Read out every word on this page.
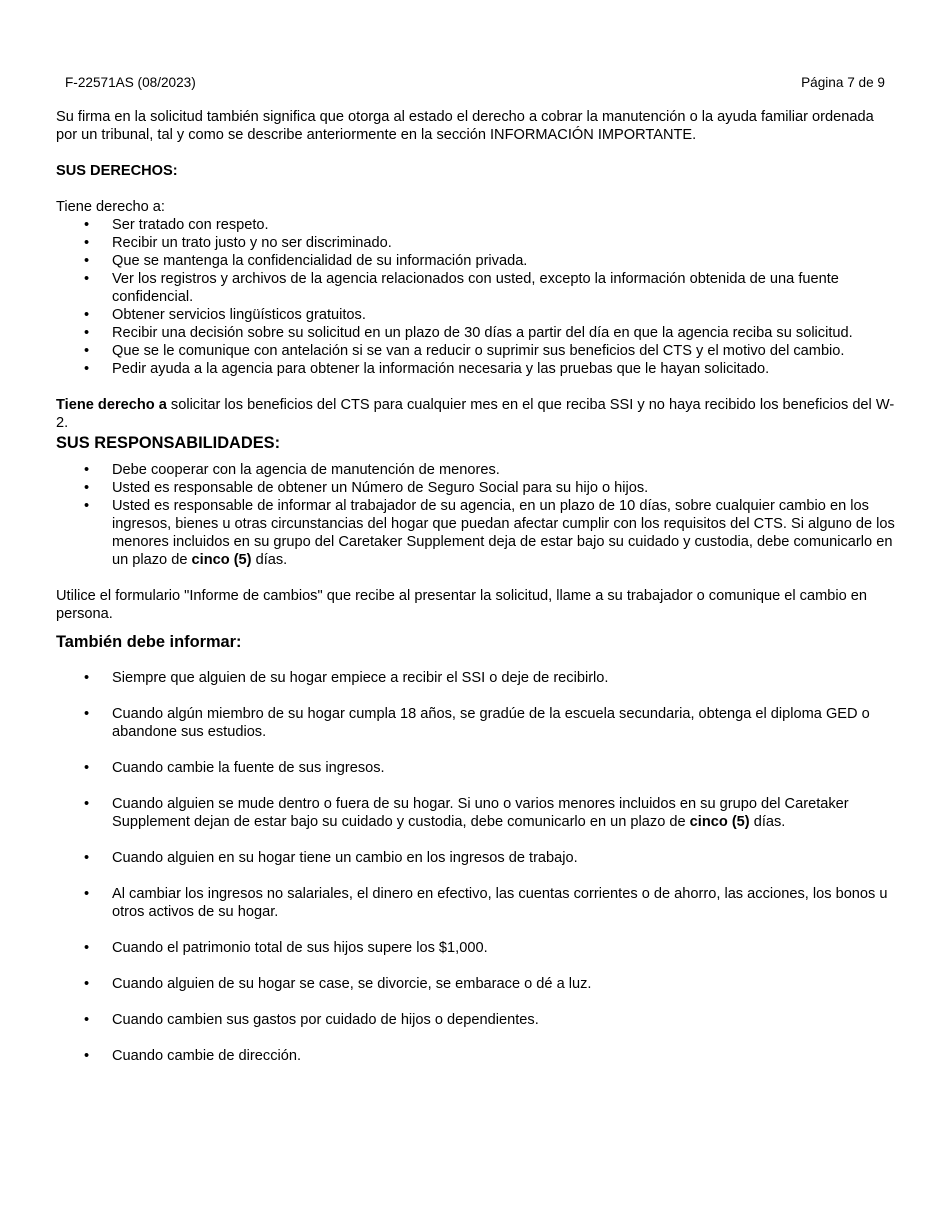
F-22571AS (08/2023)	Página 7 de 9

Su firma en la solicitud también significa que otorga al estado el derecho a cobrar la manutención o la ayuda familiar ordenada por un tribunal, tal y como se describe anteriormente en la sección INFORMACIÓN IMPORTANTE.

SUS DERECHOS:

Tiene derecho a:

• Ser tratado con respeto.
• Recibir un trato justo y no ser discriminado.
• Que se mantenga la confidencialidad de su información privada.
• Ver los registros y archivos de la agencia relacionados con usted, excepto la información obtenida de una fuente confidencial.
• Obtener servicios lingüísticos gratuitos.
• Recibir una decisión sobre su solicitud en un plazo de 30 días a partir del día en que la agencia reciba su solicitud.
• Que se le comunique con antelación si se van a reducir o suprimir sus beneficios del CTS y el motivo del cambio.
• Pedir ayuda a la agencia para obtener la información necesaria y las pruebas que le hayan solicitado.

Tiene derecho a solicitar los beneficios del CTS para cualquier mes en el que reciba SSI y no haya recibido los beneficios del W-2.

SUS RESPONSABILIDADES:

• Debe cooperar con la agencia de manutención de menores.
• Usted es responsable de obtener un Número de Seguro Social para su hijo o hijos.
• Usted es responsable de informar al trabajador de su agencia, en un plazo de 10 días, sobre cualquier cambio en los ingresos, bienes u otras circunstancias del hogar que puedan afectar cumplir con los requisitos del CTS. Si alguno de los menores incluidos en su grupo del Caretaker Supplement deja de estar bajo su cuidado y custodia, debe comunicarlo en un plazo de cinco (5) días.

Utilice el formulario "Informe de cambios" que recibe al presentar la solicitud, llame a su trabajador o comunique el cambio en persona.

También debe informar:

• Siempre que alguien de su hogar empiece a recibir el SSI o deje de recibirlo.
• Cuando algún miembro de su hogar cumpla 18 años, se gradúe de la escuela secundaria, obtenga el diploma GED o abandone sus estudios.
• Cuando cambie la fuente de sus ingresos.
• Cuando alguien se mude dentro o fuera de su hogar. Si uno o varios menores incluidos en su grupo del Caretaker Supplement dejan de estar bajo su cuidado y custodia, debe comunicarlo en un plazo de cinco (5) días.
• Cuando alguien en su hogar tiene un cambio en los ingresos de trabajo.
• Al cambiar los ingresos no salariales, el dinero en efectivo, las cuentas corrientes o de ahorro, las acciones, los bonos u otros activos de su hogar.
• Cuando el patrimonio total de sus hijos supere los $1,000.
• Cuando alguien de su hogar se case, se divorcie, se embarace o dé a luz.
• Cuando cambien sus gastos por cuidado de hijos o dependientes.
• Cuando cambie de dirección.
